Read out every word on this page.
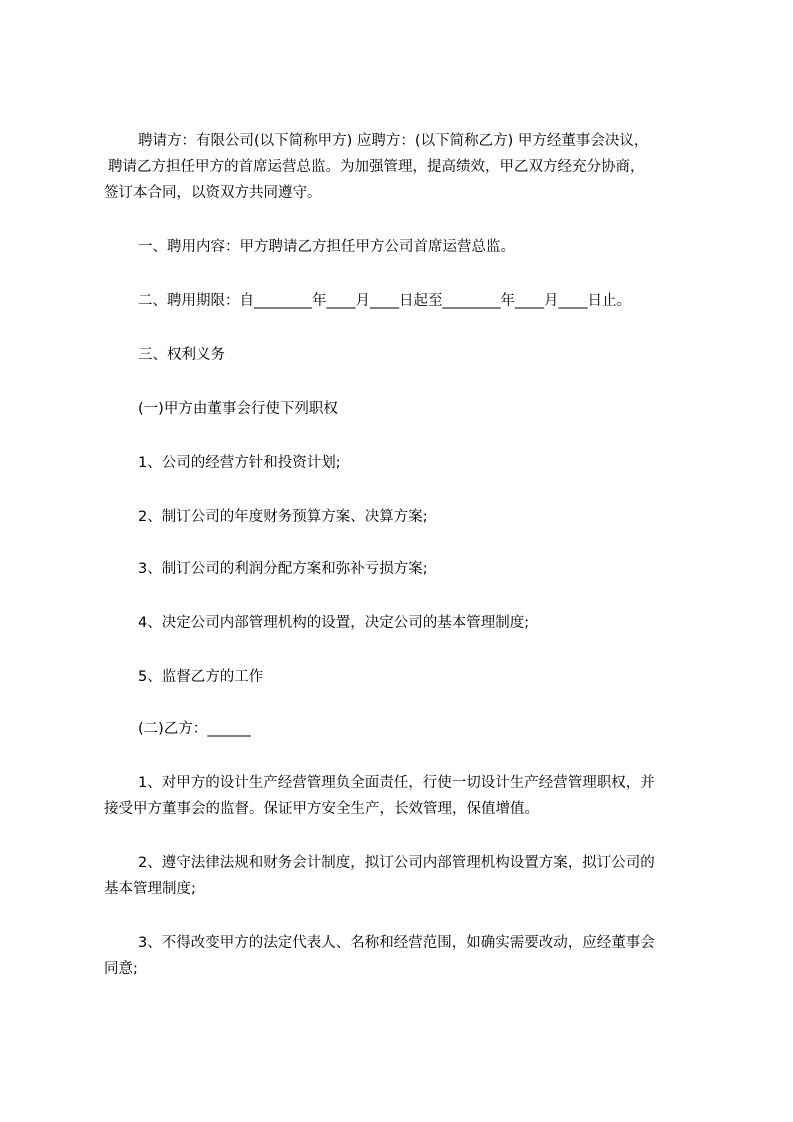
聘请方：有限公司(以下简称甲方) 应聘方：(以下简称乙方) 甲方经董事会决议，
聘请乙方担任甲方的首席运营总监。为加强管理，提高绩效，甲乙双方经充分协商，
签订本合同，以资双方共同遵守。

一、聘用内容：甲方聘请乙方担任甲方公司首席运营总监。

二、聘用期限：自________年____月____日起至________年____月____日止。

三、权利义务

(一)甲方由董事会行使下列职权

1、公司的经营方针和投资计划;

2、制订公司的年度财务预算方案、决算方案;

3、制订公司的利润分配方案和弥补亏损方案;

4、决定公司内部管理机构的设置，决定公司的基本管理制度;

5、监督乙方的工作

(二)乙方：______

1、对甲方的设计生产经营管理负全面责任，行使一切设计生产经营管理职权，并
接受甲方董事会的监督。保证甲方安全生产，长效管理，保值增值。
2、遵守法律法规和财务会计制度，拟订公司内部管理机构设置方案，拟订公司的
基本管理制度;
3、不得改变甲方的法定代表人、名称和经营范围，如确实需要改动，应经董事会
同意;
